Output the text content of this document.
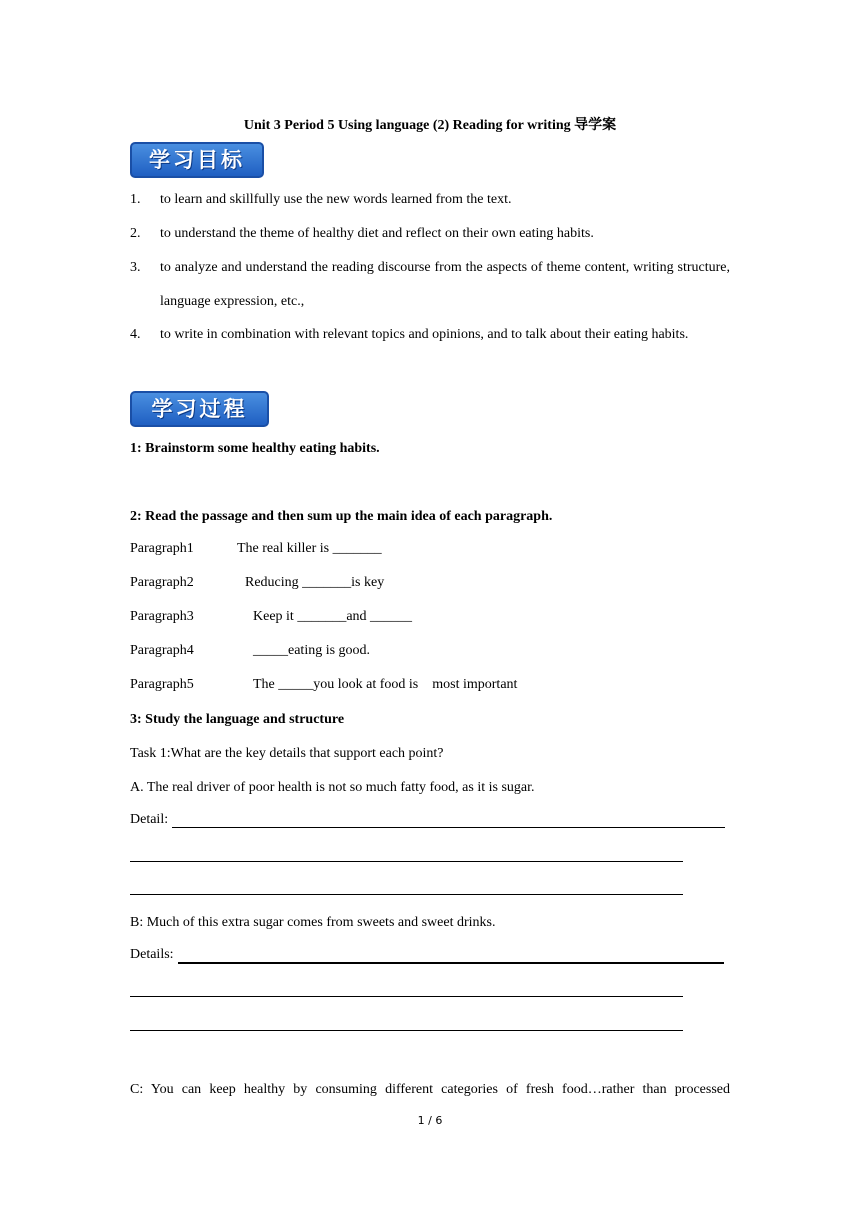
Unit 3 Period 5 Using language (2) Reading for writing 导学案
学习目标
1. to learn and skillfully use the new words learned from the text.
2. to understand the theme of healthy diet and reflect on their own eating habits.
3. to analyze and understand the reading discourse from the aspects of theme content, writing structure, language expression, etc.,
4. to write in combination with relevant topics and opinions, and to talk about their eating habits.
学习过程
1: Brainstorm some healthy eating habits.
2: Read the passage and then sum up the main idea of each paragraph.
Paragraph1	The real killer is _______
Paragraph2	Reducing _______is key
Paragraph3	Keep it _______and ______
Paragraph4	_____eating is good.
Paragraph5	The _____you look at food is    most important
3: Study the language and structure
Task 1:What are the key details that support each point?
A. The real driver of poor health is not so much fatty food, as it is sugar.
Detail:
B: Much of this extra sugar comes from sweets and sweet drinks.
Details:
C: You can keep healthy by consuming different categories of fresh food…rather than processed
1 / 6
